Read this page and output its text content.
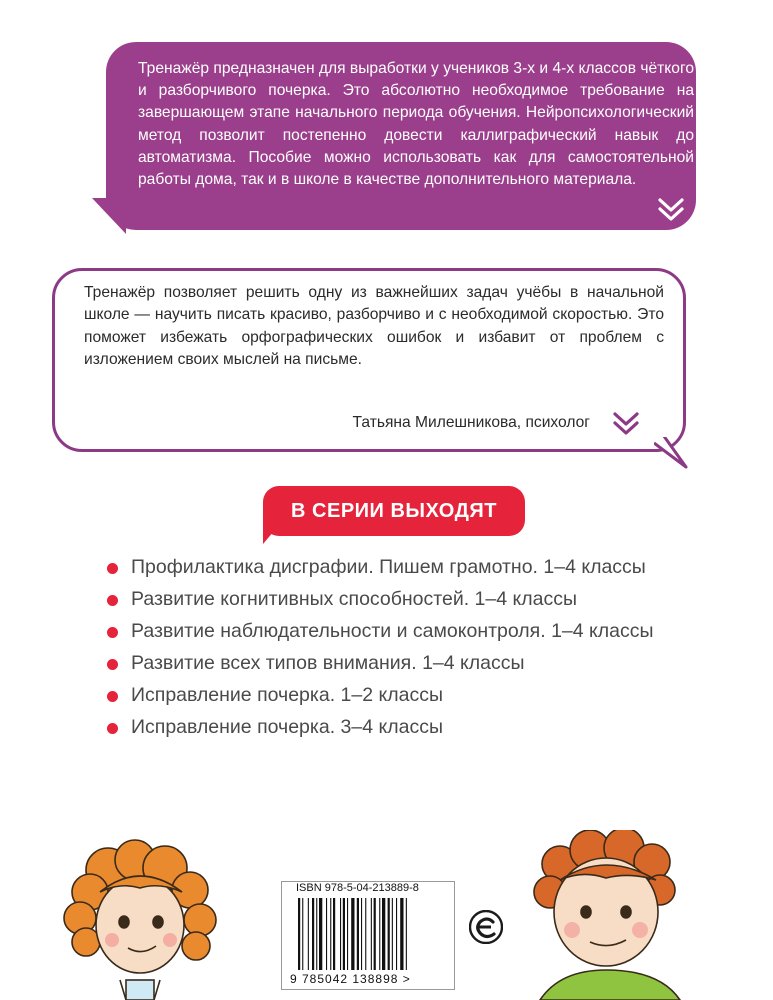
Тренажёр предназначен для выработки у учеников 3-х и 4-х классов чёткого и разборчивого почерка. Это абсолютно необходимое требование на завершающем этапе начального периода обучения. Нейропсихологический метод позволит постепенно довести каллиграфический навык до автоматизма. Пособие можно использовать как для самостоятельной работы дома, так и в школе в качестве дополнительного материала.
Тренажёр позволяет решить одну из важнейших задач учёбы в начальной школе — научить писать красиво, разборчиво и с необходимой скоростью. Это поможет избежать орфографических ошибок и избавит от проблем с изложением своих мыслей на письме.
Татьяна Милешникова, психолог
В СЕРИИ ВЫХОДЯТ
Профилактика дисграфии. Пишем грамотно. 1–4 классы
Развитие когнитивных способностей. 1–4 классы
Развитие наблюдательности и самоконтроля. 1–4 классы
Развитие всех типов внимания. 1–4 классы
Исправление почерка. 1–2 классы
Исправление почерка. 3–4 классы
ISBN 978-5-04-213889-8
9 785042 138898 >
